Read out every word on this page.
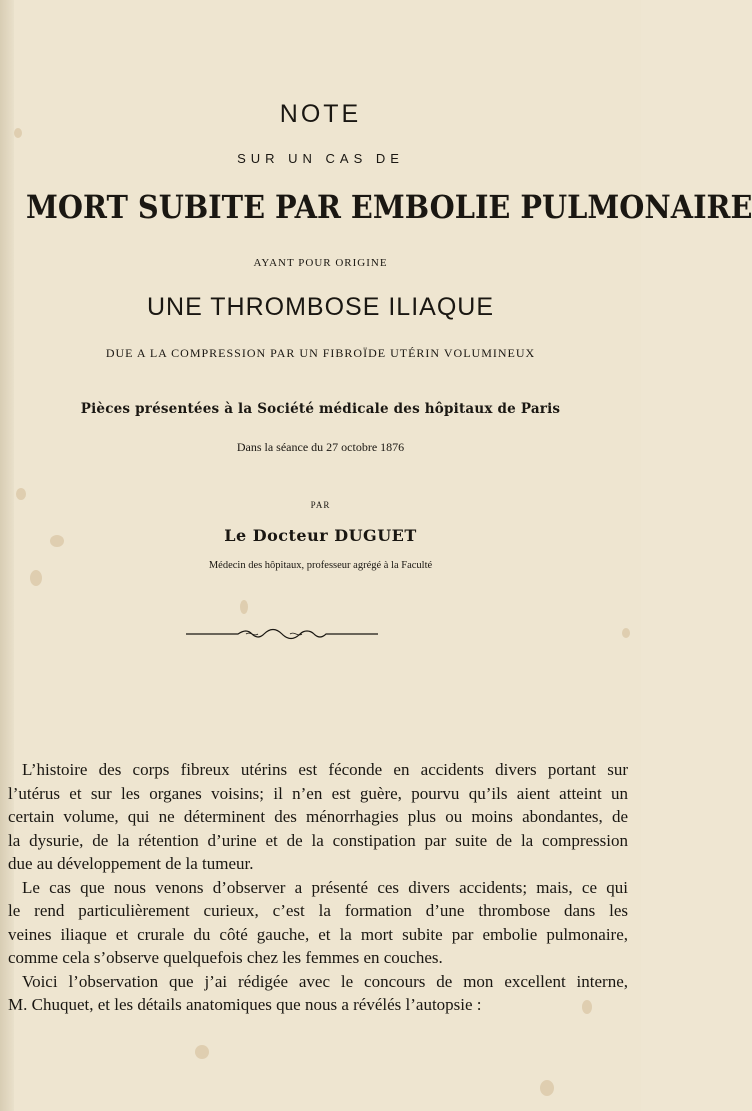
NOTE
SUR UN CAS DE
MORT SUBITE PAR EMBOLIE PULMONAIRE
AYANT POUR ORIGINE
UNE THROMBOSE ILIAQUE
DUE A LA COMPRESSION PAR UN FIBROÏDE UTÉRIN VOLUMINEUX
Pièces présentées à la Société médicale des hôpitaux de Paris
Dans la séance du 27 octobre 1876
PAR
Le Docteur DUGUET
Médecin des hôpitaux, professeur agrégé à la Faculté
L’histoire des corps fibreux utérins est féconde en accidents divers portant sur
l’utérus et sur les organes voisins; il n’en est guère, pourvu qu’ils aient atteint un
certain volume, qui ne déterminent des ménorrhagies plus ou moins abondantes, de
la dysurie, de la rétention d’urine et de la constipation par suite de la compression
due au développement de la tumeur.
Le cas que nous venons d’observer a présenté ces divers accidents; mais, ce qui
le rend particulièrement curieux, c’est la formation d’une thrombose dans les
veines iliaque et crurale du côté gauche, et la mort subite par embolie pulmonaire,
comme cela s’observe quelquefois chez les femmes en couches.
Voici l’observation que j’ai rédigée avec le concours de mon excellent interne,
M. Chuquet, et les détails anatomiques que nous a révélés l’autopsie :
